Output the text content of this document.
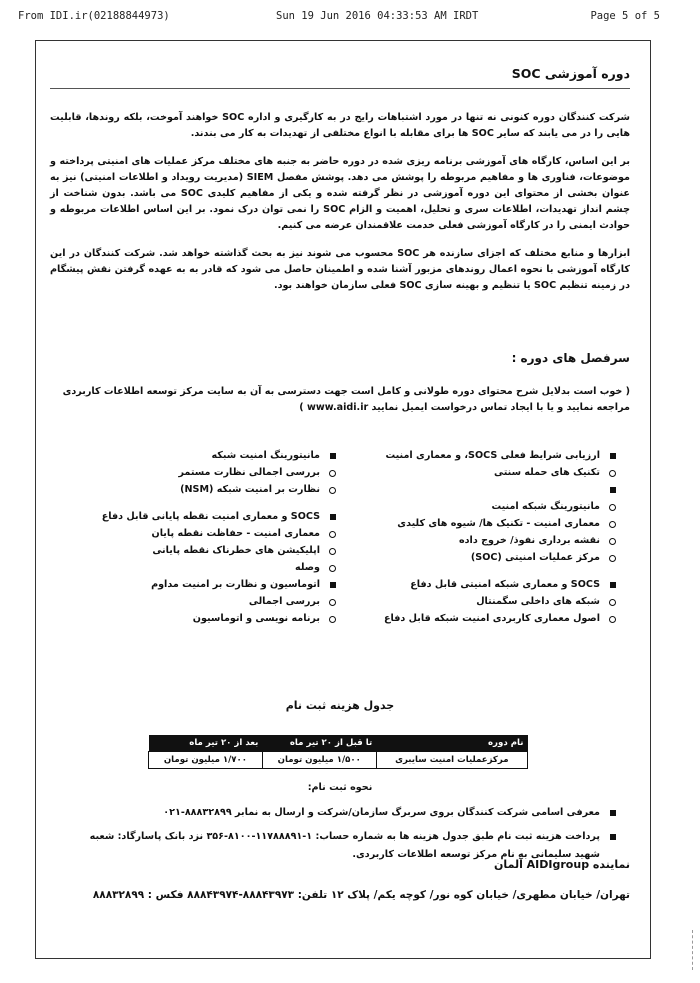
From IDI.ir(02188844973)	Sun 19 Jun 2016 04:33:53 AM IRDT	Page 5 of 5
دوره آموزشی SOC

شرکت کنندگان دوره کنونی نه تنها در مورد اشتباهات رایج در به کارگیری و اداره SOC خواهند آموخت، بلکه روندها، قابلیت هایی را در می یابند که سایر SOC ها برای مقابله با انواع مختلفی از تهدیدات به کار می بندند.

بر این اساس، کارگاه های آموزشی برنامه ریزی شده در دوره حاضر به جنبه های مختلف مرکز عملیات های امنیتی پرداخته و موضوعات، فناوری ها و مفاهیم مربوطه را پوشش می دهد. پوشش مفصل SIEM (مدیریت رویداد و اطلاعات امنیتی) نیز به عنوان بخشی از محتوای این دوره آموزشی در نظر گرفته شده و یکی از مفاهیم کلیدی SOC می باشد. بدون شناخت از چشم انداز تهدیدات، اطلاعات سری و تحلیل، اهمیت و الزام SOC را نمی توان درک نمود. بر این اساس اطلاعات مربوطه و حوادث ایمنی را در کارگاه آموزشی فعلی خدمت علاقمندان عرضه می کنیم.

ابزارها و منابع مختلف که اجزای سازنده هر SOC محسوب می شوند نیز به بحث گذاشته خواهد شد. شرکت کنندگان در این کارگاه آموزشی با نحوه اعمال روندهای مزبور آشنا شده و اطمینان حاصل می شود که قادر به به عهده گرفتن نقش پیشگام در زمینه تنظیم SOC یا تنظیم و بهینه سازی SOC فعلی سازمان خواهند بود.

سرفصل های دوره :

( خوب است بدلایل شرح محتوای دوره طولانی و کامل است جهت دسترسی به آن به سایت مرکز توسعه اطلاعات کاربردی مراجعه نمایید و یا با ایجاد تماس درخواست ایمیل نمایید www.aidi.ir )

ارزیابی شرایط فعلی SOCS، و معماری امنیت
تکنیک های حمله سنتی
مانیتورینگ شبکه امنیت
معماری امنیت - تکنیک ها/ شیوه های کلیدی
نقشه برداری نفوذ/ خروج داده
مرکز عملیات امنیتی (SOC)
SOCS و معماری شبکه امنیتی قابل دفاع
شبکه های داخلی سگمنتال
اصول معماری کاربردی امنیت شبکه قابل دفاع
مانیتورینگ امنیت شبکه
بررسی اجمالی نظارت مستمر
نظارت بر امنیت شبکه (NSM)
SOCS و معماری امنیت نقطه پایانی قابل دفاع
معماری امنیت - حفاظت نقطه پایان
اپلیکیشن های خطرناک نقطه پایانی
وصله
اتوماسیون و نظارت بر امنیت مداوم
بررسی اجمالی
برنامه نویسی و اتوماسیون
جدول هزینه ثبت نام
نام دوره	تا قبل از ۲۰ تیر ماه	بعد از ۲۰ تیر ماه
مرکزعملیات امنیت سایبری	۱/۵۰۰ میلیون تومان	۱/۷۰۰ میلیون تومان
نحوه ثبت نام:
معرفی اسامی شرکت کنندگان بروی سربرگ سازمان/شرکت و ارسال به نمابر ۸۸۸۳۲۸۹۹-۰۲۱
پرداخت هزینه ثبت نام طبق جدول هزینه ها به شماره حساب: ۱-۱۱۷۸۸۸۹۱-۸۱۰۰-۳۵۶ نزد بانک پاسارگاد: شعبه شهید سلیمانی به نام مرکز توسعه اطلاعات کاربردی.
نماینده AIDIgroup آلمان
تهران/ خیابان مطهری/ خیابان کوه نور/ کوچه یکم/ پلاک ۱۲ تلفن: ۸۸۸۴۳۹۷۳-۸۸۸۴۳۹۷۴ فکس : ۸۸۸۳۲۸۹۹
